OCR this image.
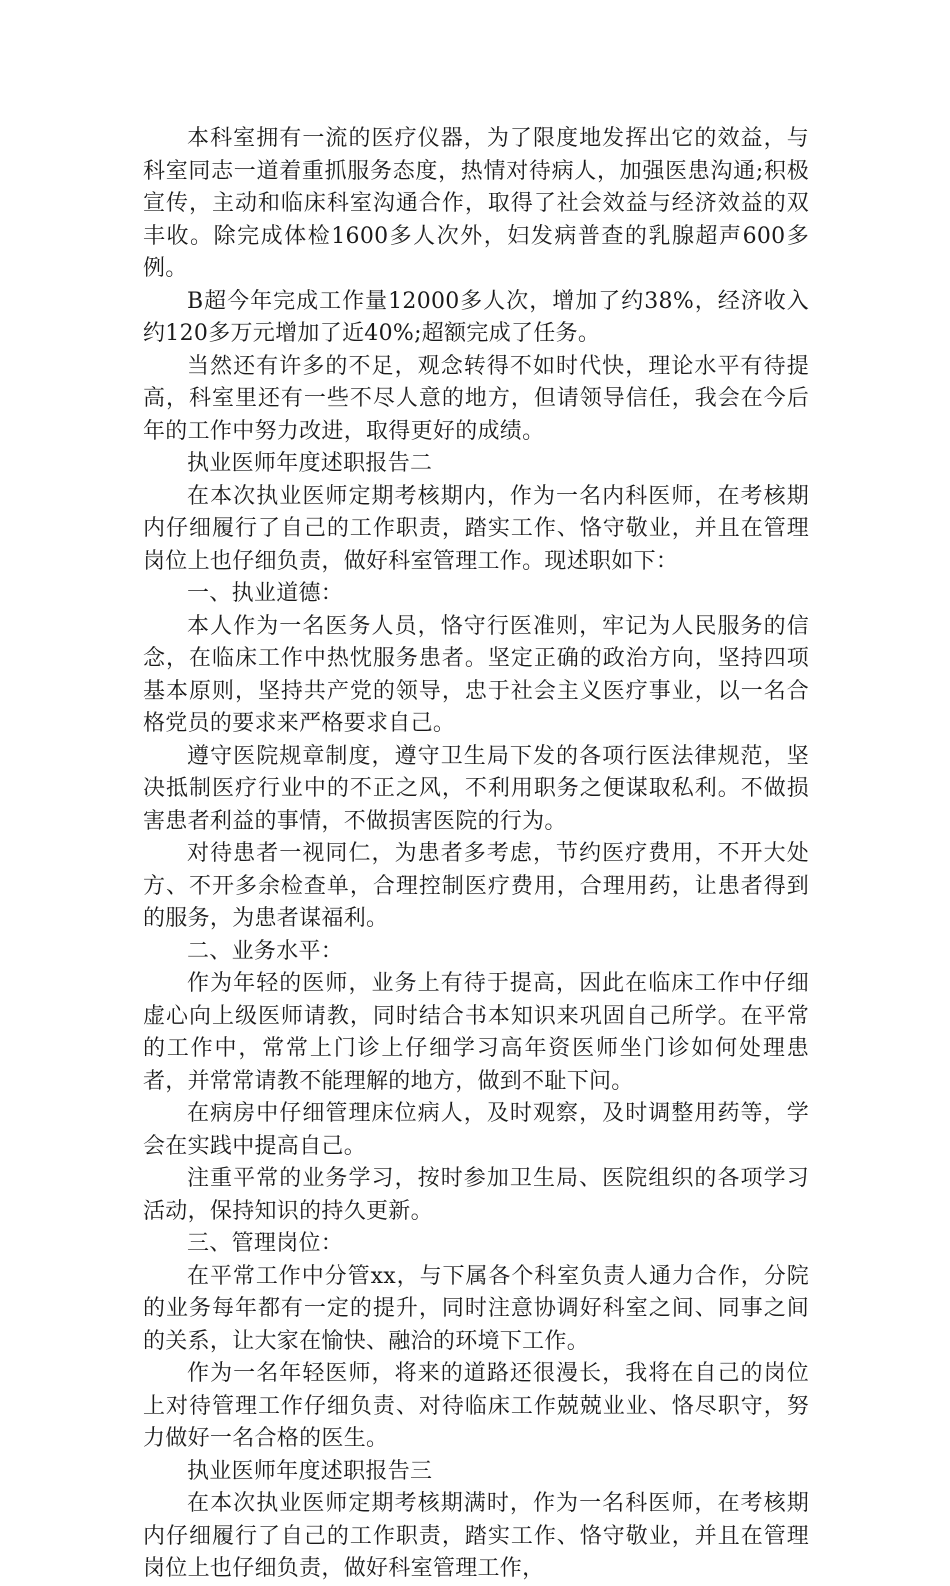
本科室拥有一流的医疗仪器，为了限度地发挥出它的效益，与科室同志一道着重抓服务态度，热情对待病人，加强医患沟通;积极宣传，主动和临床科室沟通合作，取得了社会效益与经济效益的双丰收。除完成体检1600多人次外，妇发病普查的乳腺超声600多例。

B超今年完成工作量12000多人次，增加了约38%，经济收入约120多万元增加了近40%;超额完成了任务。

当然还有许多的不足，观念转得不如时代快，理论水平有待提高，科室里还有一些不尽人意的地方，但请领导信任，我会在今后年的工作中努力改进，取得更好的成绩。

执业医师年度述职报告二

在本次执业医师定期考核期内，作为一名内科医师，在考核期内仔细履行了自己的工作职责，踏实工作、恪守敬业，并且在管理岗位上也仔细负责，做好科室管理工作。现述职如下：

一、执业道德：

本人作为一名医务人员，恪守行医准则，牢记为人民服务的信念，在临床工作中热忱服务患者。坚定正确的政治方向，坚持四项基本原则，坚持共产党的领导，忠于社会主义医疗事业，以一名合格党员的要求来严格要求自己。

遵守医院规章制度，遵守卫生局下发的各项行医法律规范，坚决抵制医疗行业中的不正之风，不利用职务之便谋取私利。不做损害患者利益的事情，不做损害医院的行为。

对待患者一视同仁，为患者多考虑，节约医疗费用，不开大处方、不开多余检查单，合理控制医疗费用，合理用药，让患者得到的服务，为患者谋福利。

二、业务水平：

作为年轻的医师，业务上有待于提高，因此在临床工作中仔细虚心向上级医师请教，同时结合书本知识来巩固自己所学。在平常的工作中，常常上门诊上仔细学习高年资医师坐门诊如何处理患者，并常常请教不能理解的地方，做到不耻下问。

在病房中仔细管理床位病人，及时观察，及时调整用药等，学会在实践中提高自己。

注重平常的业务学习，按时参加卫生局、医院组织的各项学习活动，保持知识的持久更新。

三、管理岗位：

在平常工作中分管xx，与下属各个科室负责人通力合作，分院的业务每年都有一定的提升，同时注意协调好科室之间、同事之间的关系，让大家在愉快、融洽的环境下工作。

作为一名年轻医师，将来的道路还很漫长，我将在自己的岗位上对待管理工作仔细负责、对待临床工作兢兢业业、恪尽职守，努力做好一名合格的医生。

执业医师年度述职报告三

在本次执业医师定期考核期满时，作为一名科医师，在考核期内仔细履行了自己的工作职责，踏实工作、恪守敬业，并且在管理岗位上也仔细负责，做好科室管理工作，
